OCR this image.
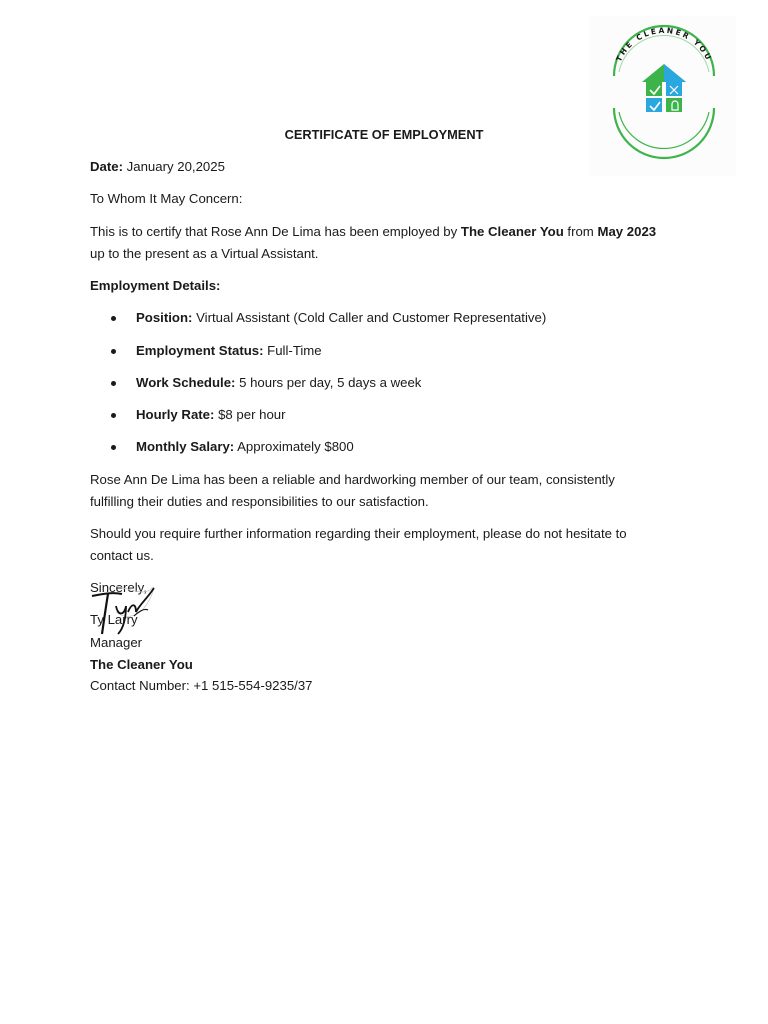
THE CLEANER YOU
CERTIFICATE OF EMPLOYMENT
Date: January 20,2025
To Whom It May Concern:
This is to certify that Rose Ann De Lima has been employed by The Cleaner You from May 2023
up to the present as a Virtual Assistant.
Employment Details:
Position: Virtual Assistant (Cold Caller and Customer Representative)
Employment Status: Full-Time
Work Schedule: 5 hours per day, 5 days a week
Hourly Rate: $8 per hour
Monthly Salary: Approximately $800
Rose Ann De Lima has been a reliable and hardworking member of our team, consistently
fulfilling their duties and responsibilities to our satisfaction.
Should you require further information regarding their employment, please do not hesitate to
contact us.
Sincerely,
Ty Larry
Manager
The Cleaner You
Contact Number: +1 515-554-9235/37
